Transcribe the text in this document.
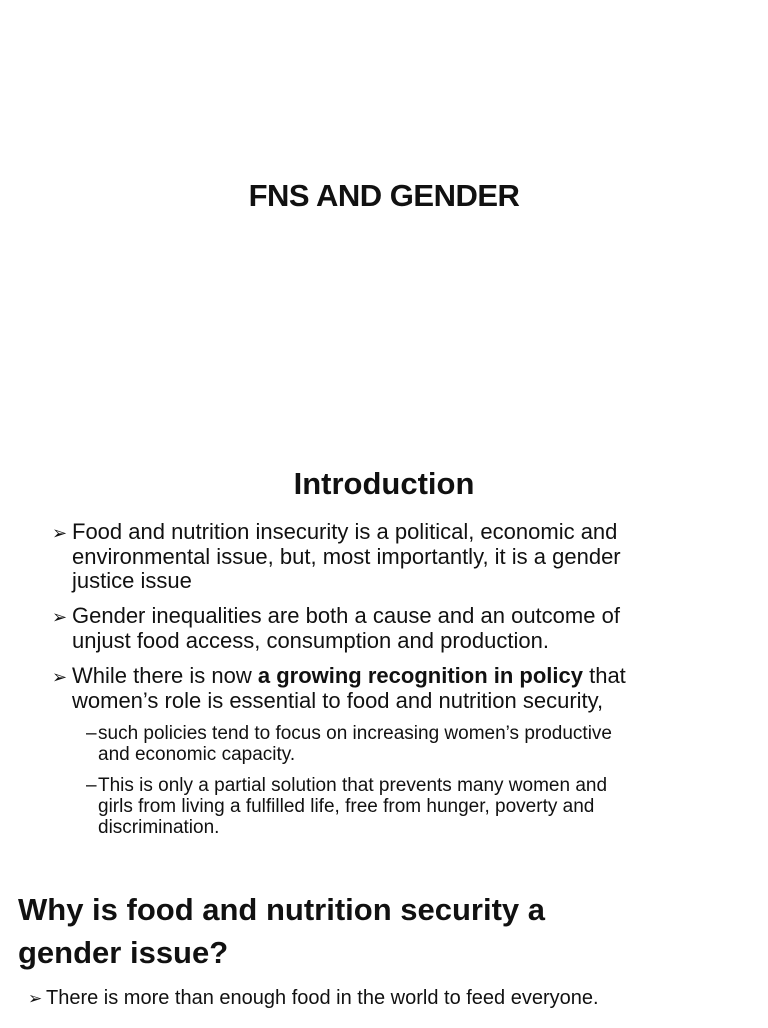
FNS AND GENDER
Introduction
➢ Food and nutrition insecurity is a political, economic and
environmental issue, but, most importantly, it is a gender
justice issue
➢ Gender inequalities are both a cause and an outcome of
unjust food access, consumption and production.
➢ While there is now a growing recognition in policy that
women’s role is essential to food and nutrition security,
–such policies tend to focus on increasing women’s productive
and economic capacity.
–This is only a partial solution that prevents many women and
girls from living a fulfilled life, free from hunger, poverty and
discrimination.
Why is food and nutrition security a
gender issue?
➢ There is more than enough food in the world to feed everyone.
